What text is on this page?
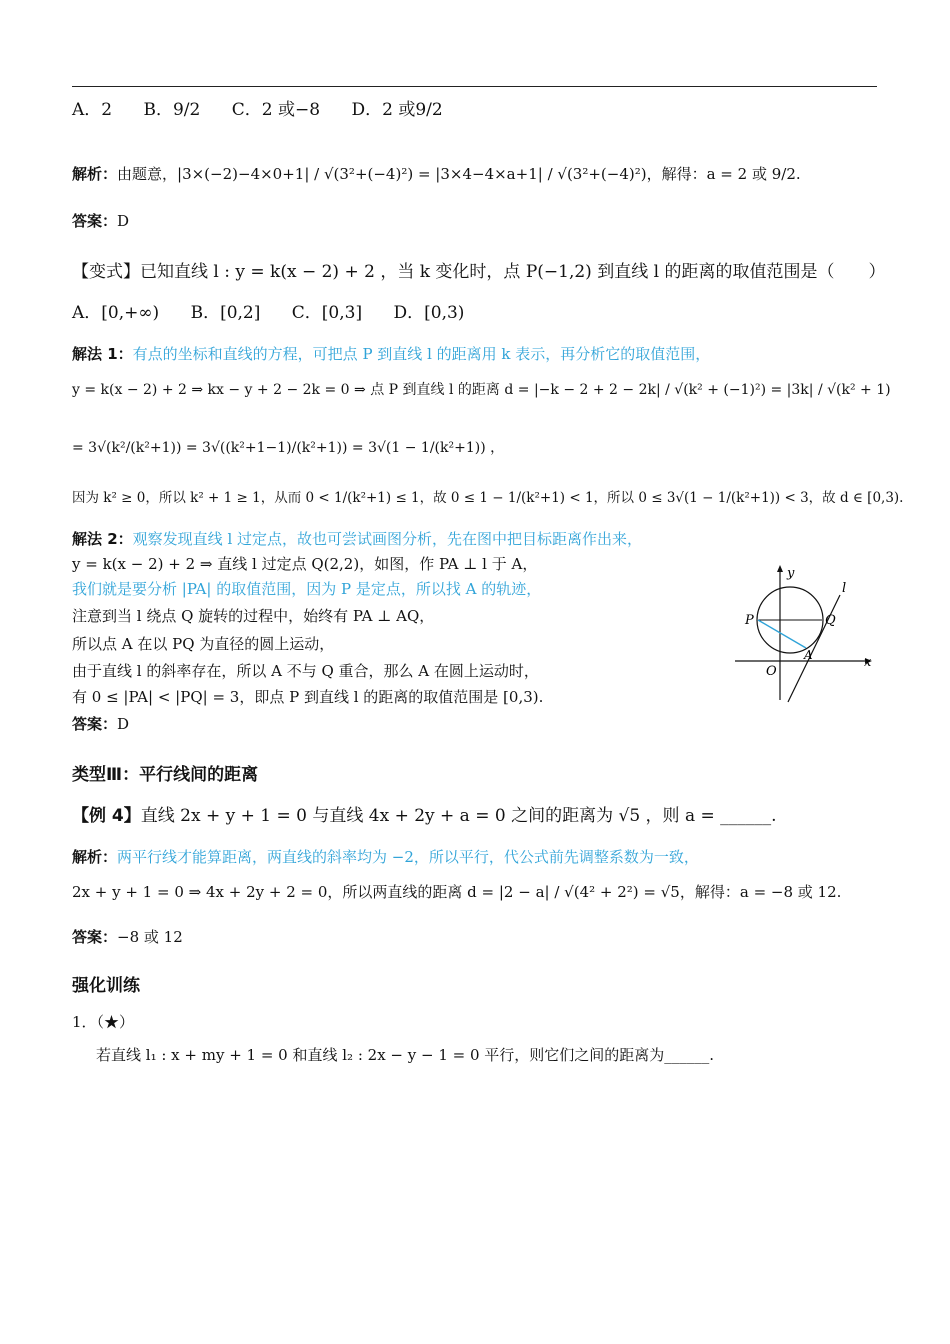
A．2 B．9/2 C．2 或−8 D．2 或9/2
解析：由题意，|3×(−2)−4×0+1| / √(3²+(−4)²) = |3×4−4×a+1| / √(3²+(−4)²)，解得：a = 2 或 9/2.
答案：D
【变式】已知直线 l : y = k(x − 2) + 2 ，当 k 变化时，点 P(−1,2) 到直线 l 的距离的取值范围是（　　）
A．[0,+∞) B．[0,2] C．[0,3] D．[0,3)
解法 1：有点的坐标和直线的方程，可把点 P 到直线 l 的距离用 k 表示，再分析它的取值范围，
y = k(x − 2) + 2 ⇒ kx − y + 2 − 2k = 0 ⇒ 点 P 到直线 l 的距离 d = |−k − 2 + 2 − 2k| / √(k² + (−1)²) = |3k| / √(k² + 1)
= 3√(k²/(k²+1)) = 3√((k²+1−1)/(k²+1)) = 3√(1 − 1/(k²+1)) ，
因为 k² ≥ 0，所以 k² + 1 ≥ 1，从而 0 < 1/(k²+1) ≤ 1，故 0 ≤ 1 − 1/(k²+1) < 1，所以 0 ≤ 3√(1 − 1/(k²+1)) < 3，故 d ∈ [0,3).
解法 2：观察发现直线 l 过定点，故也可尝试画图分析，先在图中把目标距离作出来，
y = k(x − 2) + 2 ⇒ 直线 l 过定点 Q(2,2)，如图，作 PA ⊥ l 于 A，
我们就是要分析 |PA| 的取值范围，因为 P 是定点，所以找 A 的轨迹，
注意到当 l 绕点 Q 旋转的过程中，始终有 PA ⊥ AQ，
所以点 A 在以 PQ 为直径的圆上运动，
由于直线 l 的斜率存在，所以 A 不与 Q 重合，那么 A 在圆上运动时，
有 0 ≤ |PA| < |PQ| = 3，即点 P 到直线 l 的距离的取值范围是 [0,3).
答案：D
y
x
l
P	Q
A
O
类型Ⅲ：平行线间的距离
【例 4】直线 2x + y + 1 = 0 与直线 4x + 2y + a = 0 之间的距离为 √5 ，则 a = ______.
解析：两平行线才能算距离，两直线的斜率均为 −2，所以平行，代公式前先调整系数为一致，
2x + y + 1 = 0 ⇒ 4x + 2y + 2 = 0，所以两直线的距离 d = |2 − a| / √(4² + 2²) = √5，解得：a = −8 或 12.
答案：−8 或 12
强化训练
1．（★）
若直线 l₁ : x + my + 1 = 0 和直线 l₂ : 2x − y − 1 = 0 平行，则它们之间的距离为______.
